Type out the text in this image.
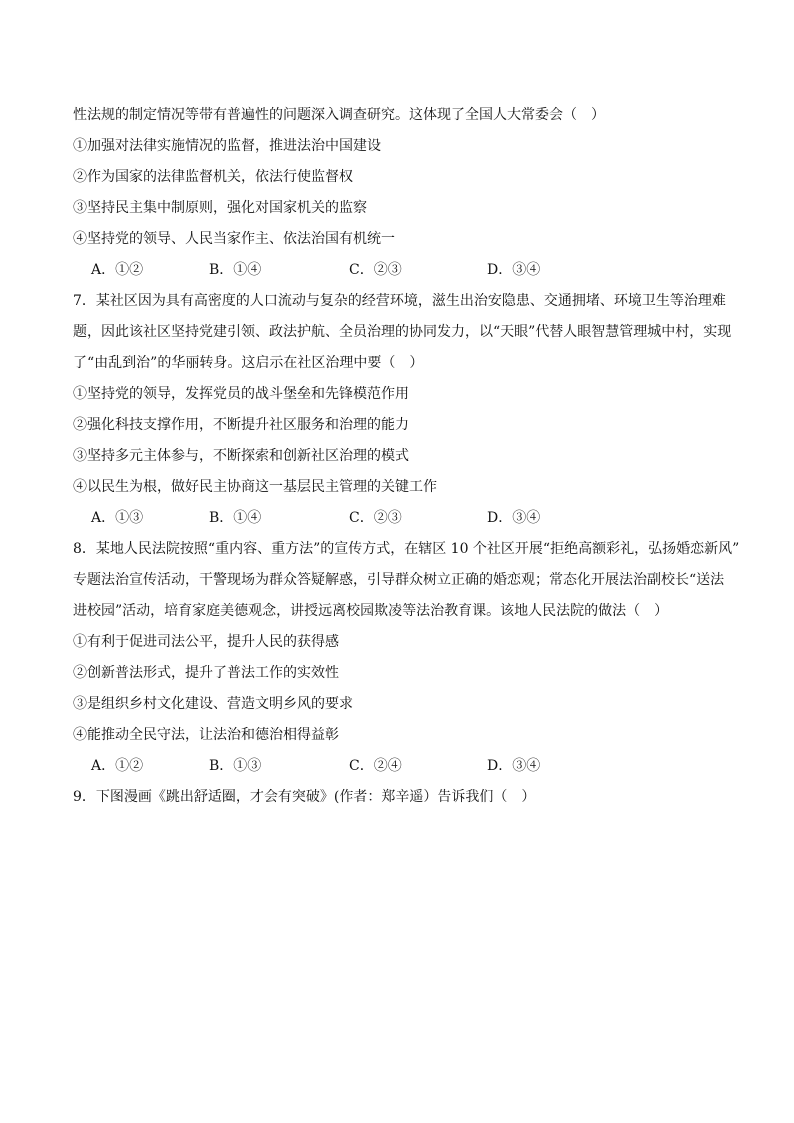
性法规的制定情况等带有普遍性的问题深入调查研究。这体现了全国人大常委会（　）
①加强对法律实施情况的监督，推进法治中国建设
②作为国家的法律监督机关，依法行使监督权
③坚持民主集中制原则，强化对国家机关的监察
④坚持党的领导、人民当家作主、依法治国有机统一
A．①②	B．①④	C．②③	D．③④
7．某社区因为具有高密度的人口流动与复杂的经营环境，滋生出治安隐患、交通拥堵、环境卫生等治理难
题，因此该社区坚持党建引领、政法护航、全员治理的协同发力，以“天眼”代替人眼智慧管理城中村，实现
了“由乱到治”的华丽转身。这启示在社区治理中要（　）
①坚持党的领导，发挥党员的战斗堡垒和先锋模范作用
②强化科技支撑作用，不断提升社区服务和治理的能力
③坚持多元主体参与，不断探索和创新社区治理的模式
④以民生为根，做好民主协商这一基层民主管理的关键工作
A．①③	B．①④	C．②③	D．③④
8．某地人民法院按照“重内容、重方法”的宣传方式，在辖区 10 个社区开展“拒绝高额彩礼，弘扬婚恋新风”
专题法治宣传活动，干警现场为群众答疑解惑，引导群众树立正确的婚恋观；常态化开展法治副校长“送法
进校园”活动，培育家庭美德观念，讲授远离校园欺凌等法治教育课。该地人民法院的做法（　）
①有利于促进司法公平，提升人民的获得感
②创新普法形式，提升了普法工作的实效性
③是组织乡村文化建设、营造文明乡风的要求
④能推动全民守法，让法治和德治相得益彰
A．①②	B．①③	C．②④	D．③④
9．下图漫画《跳出舒适圈，才会有突破》(作者：郑辛遥）告诉我们（　）
